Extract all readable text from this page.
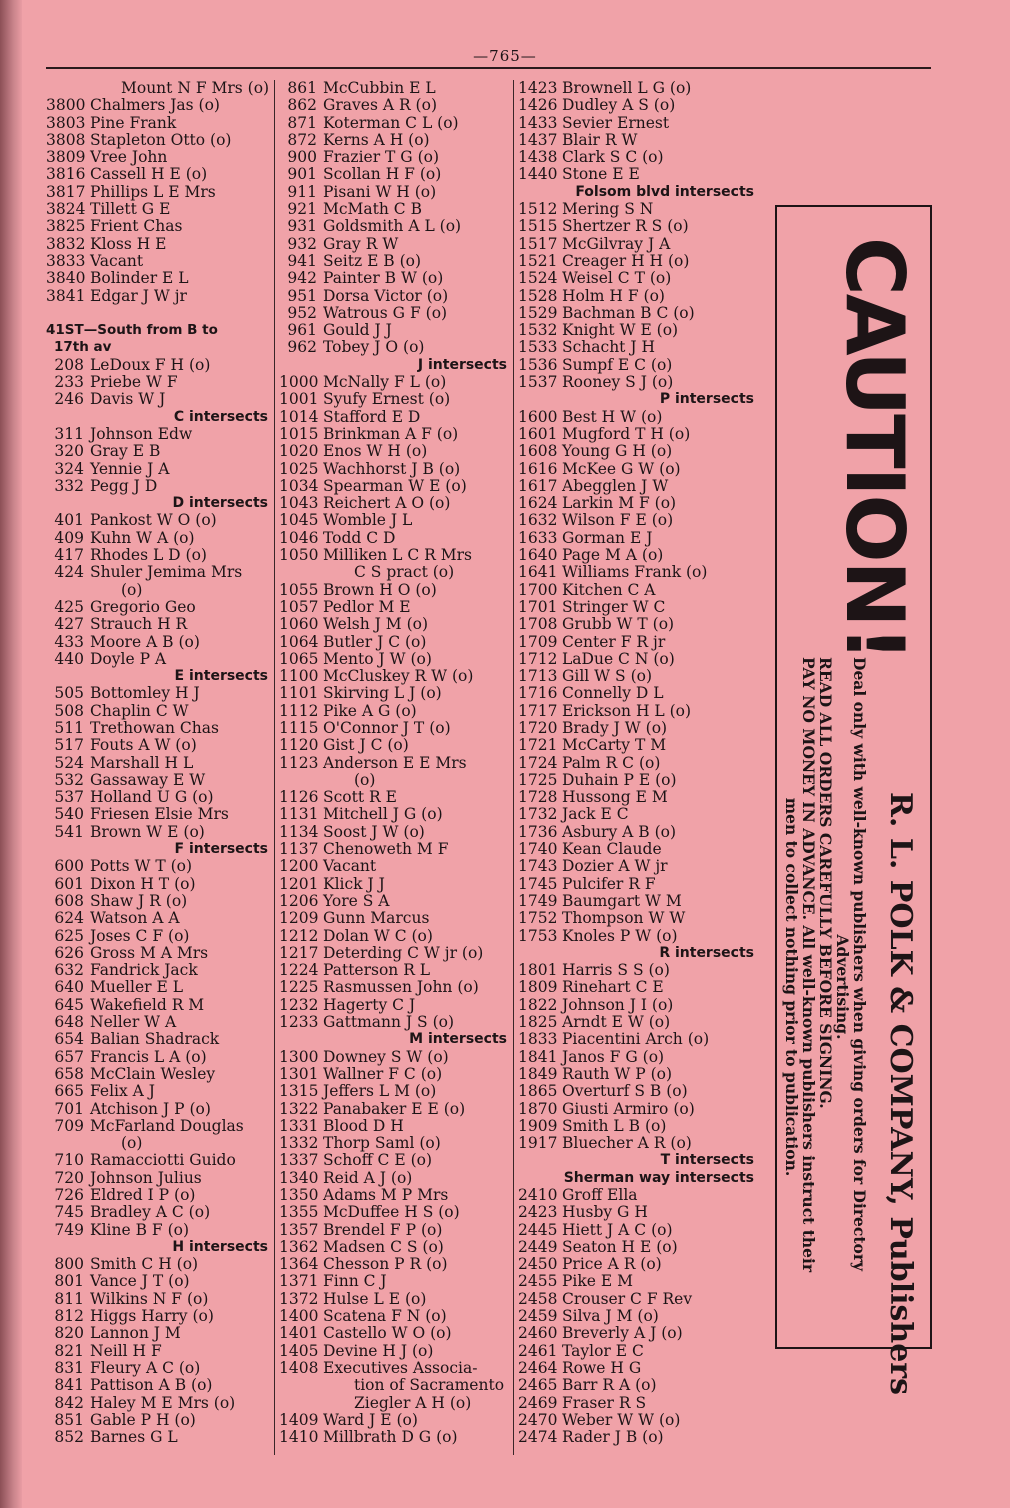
—765—
Mount N F Mrs (o)
3800 Chalmers Jas (o)
3803 Pine Frank
3808 Stapleton Otto (o)
3809 Vree John
3816 Cassell H E (o)
3817 Phillips L E Mrs
3824 Tillett G E
3825 Frient Chas
3832 Kloss H E
3833 Vacant
3840 Bolinder E L
3841 Edgar J W jr
41ST—South from B to
17th av
208 LeDoux F H (o)
233 Priebe W F
246 Davis W J
C intersects
311 Johnson Edw
320 Gray E B
324 Yennie J A
332 Pegg J D
D intersects
401 Pankost W O (o)
409 Kuhn W A (o)
417 Rhodes L D (o)
424 Shuler Jemima Mrs
(o)
425 Gregorio Geo
427 Strauch H R
433 Moore A B (o)
440 Doyle P A
E intersects
505 Bottomley H J
508 Chaplin C W
511 Trethowan Chas
517 Fouts A W (o)
524 Marshall H L
532 Gassaway E W
537 Holland U G (o)
540 Friesen Elsie Mrs
541 Brown W E (o)
F intersects
600 Potts W T (o)
601 Dixon H T (o)
608 Shaw J R (o)
624 Watson A A
625 Joses C F (o)
626 Gross M A Mrs
632 Fandrick Jack
640 Mueller E L
645 Wakefield R M
648 Neller W A
654 Balian Shadrack
657 Francis L A (o)
658 McClain Wesley
665 Felix A J
701 Atchison J P (o)
709 McFarland Douglas
(o)
710 Ramacciotti Guido
720 Johnson Julius
726 Eldred I P (o)
745 Bradley A C (o)
749 Kline B F (o)
H intersects
800 Smith C H (o)
801 Vance J T (o)
811 Wilkins N F (o)
812 Higgs Harry (o)
820 Lannon J M
821 Neill H F
831 Fleury A C (o)
841 Pattison A B (o)
842 Haley M E Mrs (o)
851 Gable P H (o)
852 Barnes G L
861 McCubbin E L
862 Graves A R (o)
871 Koterman C L (o)
872 Kerns A H (o)
900 Frazier T G (o)
901 Scollan H F (o)
911 Pisani W H (o)
921 McMath C B
931 Goldsmith A L (o)
932 Gray R W
941 Seitz E B (o)
942 Painter B W (o)
951 Dorsa Victor (o)
952 Watrous G F (o)
961 Gould J J
962 Tobey J O (o)
J intersects
1000 McNally F L (o)
1001 Syufy Ernest (o)
1014 Stafford E D
1015 Brinkman A F (o)
1020 Enos W H (o)
1025 Wachhorst J B (o)
1034 Spearman W E (o)
1043 Reichert A O (o)
1045 Womble J L
1046 Todd C D
1050 Milliken L C R Mrs
C S pract (o)
1055 Brown H O (o)
1057 Pedlor M E
1060 Welsh J M (o)
1064 Butler J C (o)
1065 Mento J W (o)
1100 McCluskey R W (o)
1101 Skirving L J (o)
1112 Pike A G (o)
1115 O'Connor J T (o)
1120 Gist J C (o)
1123 Anderson E E Mrs
(o)
1126 Scott R E
1131 Mitchell J G (o)
1134 Soost J W (o)
1137 Chenoweth M F
1200 Vacant
1201 Klick J J
1206 Yore S A
1209 Gunn Marcus
1212 Dolan W C (o)
1217 Deterding C W jr (o)
1224 Patterson R L
1225 Rasmussen John (o)
1232 Hagerty C J
1233 Gattmann J S (o)
M intersects
1300 Downey S W (o)
1301 Wallner F C (o)
1315 Jeffers L M (o)
1322 Panabaker E E (o)
1331 Blood D H
1332 Thorp Saml (o)
1337 Schoff C E (o)
1340 Reid A J (o)
1350 Adams M P Mrs
1355 McDuffee H S (o)
1357 Brendel F P (o)
1362 Madsen C S (o)
1364 Chesson P R (o)
1371 Finn C J
1372 Hulse L E (o)
1400 Scatena F N (o)
1401 Castello W O (o)
1405 Devine H J (o)
1408 Executives Associa-
tion of Sacramento
Ziegler A H (o)
1409 Ward J E (o)
1410 Millbrath D G (o)
1423 Brownell L G (o)
1426 Dudley A S (o)
1433 Sevier Ernest
1437 Blair R W
1438 Clark S C (o)
1440 Stone E E
Folsom blvd intersects
1512 Mering S N
1515 Shertzer R S (o)
1517 McGilvray J A
1521 Creager H H (o)
1524 Weisel C T (o)
1528 Holm H F (o)
1529 Bachman B C (o)
1532 Knight W E (o)
1533 Schacht J H
1536 Sumpf E C (o)
1537 Rooney S J (o)
P intersects
1600 Best H W (o)
1601 Mugford T H (o)
1608 Young G H (o)
1616 McKee G W (o)
1617 Abegglen J W
1624 Larkin M F (o)
1632 Wilson F E (o)
1633 Gorman E J
1640 Page M A (o)
1641 Williams Frank (o)
1700 Kitchen C A
1701 Stringer W C
1708 Grubb W T (o)
1709 Center F R jr
1712 LaDue C N (o)
1713 Gill W S (o)
1716 Connelly D L
1717 Erickson H L (o)
1720 Brady J W (o)
1721 McCarty T M
1724 Palm R C (o)
1725 Duhain P E (o)
1728 Hussong E M
1732 Jack E C
1736 Asbury A B (o)
1740 Kean Claude
1743 Dozier A W jr
1745 Pulcifer R F
1749 Baumgart W M
1752 Thompson W W
1753 Knoles P W (o)
R intersects
1801 Harris S S (o)
1809 Rinehart C E
1822 Johnson J I (o)
1825 Arndt E W (o)
1833 Piacentini Arch (o)
1841 Janos F G (o)
1849 Rauth W P (o)
1865 Overturf S B (o)
1870 Giusti Armiro (o)
1909 Smith L B (o)
1917 Bluecher A R (o)
T intersects
Sherman way intersects
2410 Groff Ella
2423 Husby G H
2445 Hiett J A C (o)
2449 Seaton H E (o)
2450 Price A R (o)
2455 Pike E M
2458 Crouser C F Rev
2459 Silva J M (o)
2460 Breverly A J (o)
2461 Taylor E C
2464 Rowe H G
2465 Barr R A (o)
2469 Fraser R S
2470 Weber W W (o)
2474 Rader J B (o)
CAUTION!
Deal only with well-known publishers when giving orders for Directory
Advertising.
READ ALL ORDERS CAREFULLY BEFORE SIGNING.
PAY NO MONEY IN ADVANCE. All well-known publishers instruct their
men to collect nothing prior to publication.	R. L. POLK & COMPANY, Publishers
